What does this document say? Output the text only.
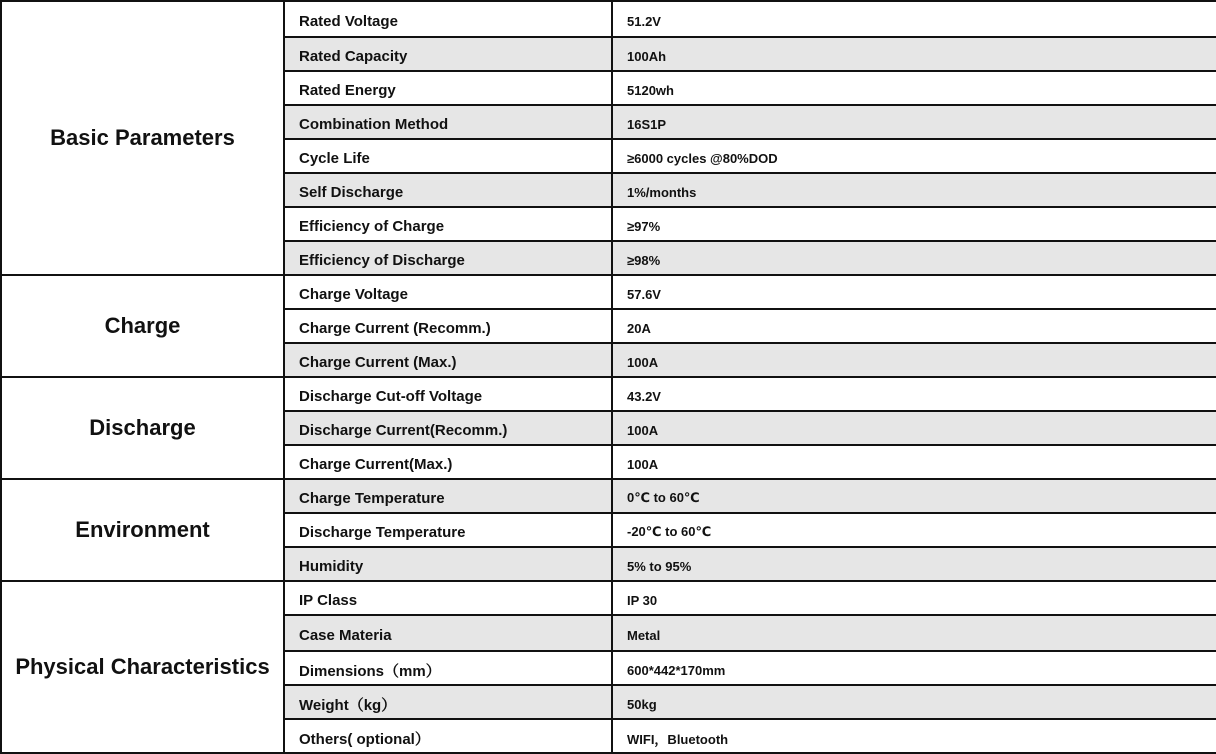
Basic Parameters	Rated Voltage	51.2V
	Rated Capacity	100Ah
	Rated Energy	5120wh
	Combination Method	16S1P
	Cycle Life	≥6000 cycles @80%DOD
	Self Discharge	1%/months
	Efficiency of Charge	≥97%
	Efficiency of Discharge	≥98%
Charge	Charge Voltage	57.6V
	Charge Current (Recomm.)	20A
	Charge Current (Max.)	100A
Discharge	Discharge Cut-off Voltage	43.2V
	Discharge Current(Recomm.)	100A
	Charge Current(Max.)	100A
Environment	Charge Temperature	0℃ to 60℃
	Discharge Temperature	-20℃ to 60℃
	Humidity	5% to 95%
Physical Characteristics	IP Class	IP 30
	Case Materia	Metal
	Dimensions（mm）	600*442*170mm
	Weight（kg）	50kg
	Others( optional）	WIFI，Bluetooth
